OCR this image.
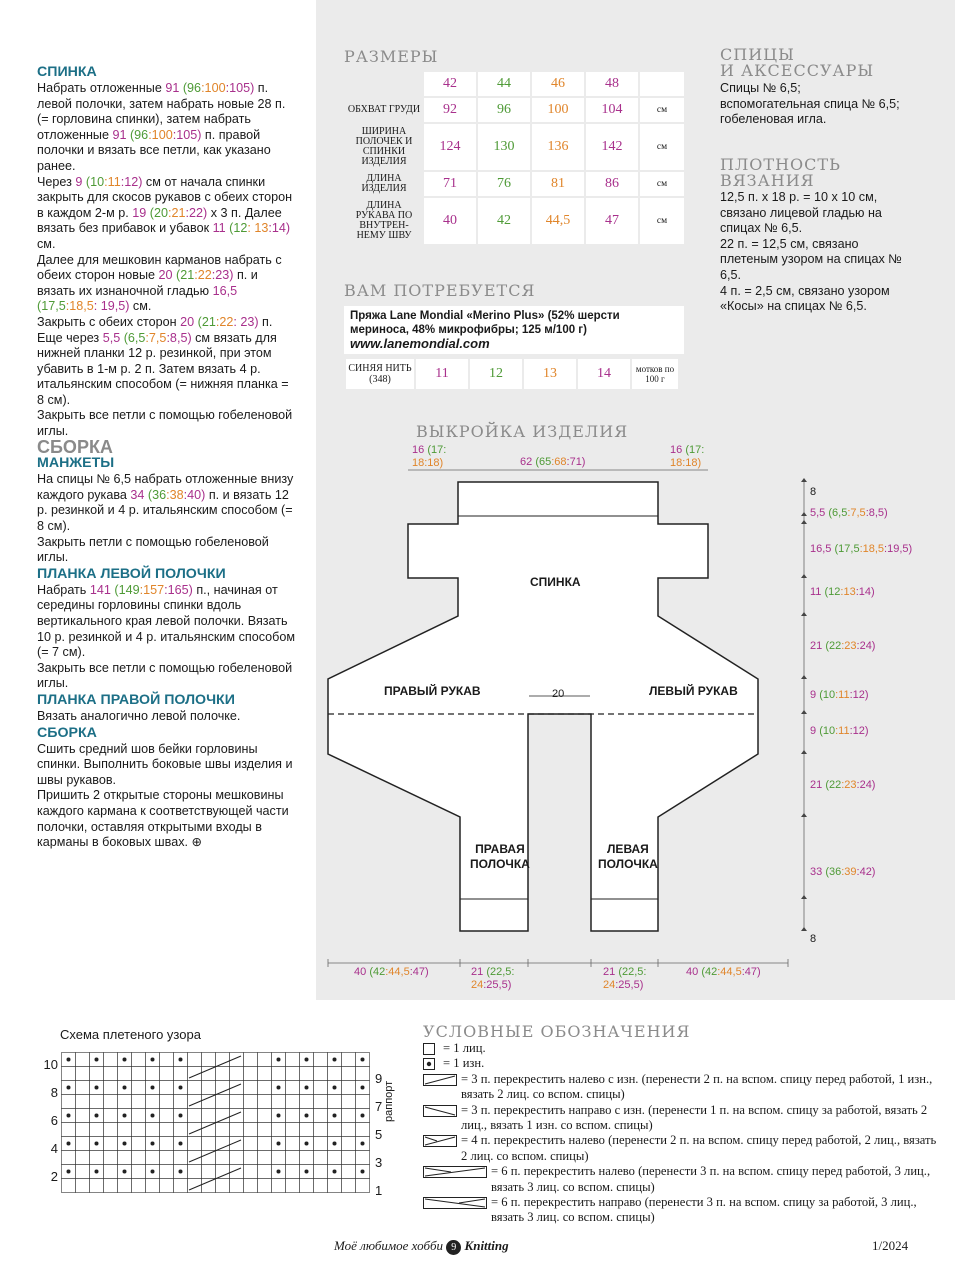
СПИНКА

Набрать отложенные 91 (96:100:105) п. левой полочки, затем набрать новые 28 п. (= горловина спинки), затем набрать отложенные 91 (96:100:105) п. правой полочки и вязать все петли, как указано ранее.

Через 9 (10:11:12) см от начала спинки закрыть для скосов рукавов с обеих сторон в каждом 2-м р. 19 (20:21:22) x 3 п. Далее вязать без прибавок и убавок 11 (12: 13:14) см.

Далее для мешковин карманов набрать с обеих сторон новые 20 (21:22:23) п. и вязать их изнаночной гладью 16,5 (17,5:18,5: 19,5) см.

Закрыть с обеих сторон 20 (21:22: 23) п.

Еще через 5,5 (6,5:7,5:8,5) см вязать для нижней планки 12 р. резинкой, при этом убавить в 1-м р. 2 п. Затем вязать 4 р. итальянским способом (= нижняя планка = 8 см).

Закрыть все петли с помощью гобеленовой иглы.

СБОРКА

МАНЖЕТЫ

На спицы № 6,5 набрать отложенные внизу каждого рукава 34 (36:38:40) п. и вязать 12 р. резинкой и 4 р. итальянским способом (= 8 см).

Закрыть петли с помощью гобеленовой иглы.

ПЛАНКА ЛЕВОЙ ПОЛОЧКИ

Набрать 141 (149:157:165) п., начиная от середины горловины спинки вдоль вертикального края левой полочки. Вязать 10 р. резинкой и 4 р. итальянским способом (= 7 см).

Закрыть все петли с помощью гобеленовой иглы.

ПЛАНКА ПРАВОЙ ПОЛОЧКИ

Вязать аналогично левой полочке.

СБОРКА

Сшить средний шов бейки горловины спинки. Выполнить боковые швы изделия и швы рукавов.

Пришить 2 открытые стороны мешковины каждого кармана к соответствующей части полочки, оставляя открытыми входы в карманы в боковых швах. ⊕

РАЗМЕРЫ
	42	44	46	48	
ОБХВАТ ГРУДИ	92	96	100	104	см
ШИРИНА ПОЛОЧЕК И СПИНКИ ИЗДЕЛИЯ	124	130	136	142	см
ДЛИНА ИЗДЕЛИЯ	71	76	81	86	см
ДЛИНА РУКАВА ПО ВНУТРЕН-НЕМУ ШВУ	40	42	44,5	47	см
ВАМ ПОТРЕБУЕТСЯ
Пряжа Lane Mondial «Merino Plus» (52% шерсти мериноса, 48% микрофибры; 125 м/100 г)
www.lanemondial.com
СИНЯЯ НИТЬ (348)	11	12	13	14	мотков по 100 г
СПИЦЫ
И АКСЕССУАРЫ
Спицы № 6,5; вспомогательная спица № 6,5; гобеленовая игла.
ПЛОТНОСТЬ
ВЯЗАНИЯ
12,5 п. х 18 р. = 10 х 10 см, связано лицевой гладью на спицах № 6,5.
22 п. = 12,5 см, связано плетеным узором на спицах № 6,5.
4 п. = 2,5 см, связано узором «Косы» на спицах № 6,5.
ВЫКРОЙКА ИЗДЕЛИЯ
СПИНКА
ПРАВЫЙ РУКАВ	ЛЕВЫЙ РУКАВ
20
ПРАВАЯ
ПОЛОЧКА
ЛЕВАЯ
ПОЛОЧКА
16 (17:
18:18)	62 (65:68:71)
16 (17:
18:18)
8
5,5 (6,5:7,5:8,5)
16,5 (17,5:18,5:19,5)
11 (12:13:14)
21 (22:23:24)
9 (10:11:12)
9 (10:11:12)
21 (22:23:24)
33 (36:39:42)
8
40 (42:44,5:47)	21 (22,5:
24:25,5)
21 (22,5:
24:25,5)
40 (42:44,5:47)
Схема плетеного узора
10
8
6
4
2
9
7
5
3
1
раппорт
УСЛОВНЫЕ ОБОЗНАЧЕНИЯ
= 1 лиц.
= 1 изн.
= 3 п. перекрестить налево с изн. (перенести 2 п. на вспом. спицу перед работой, 1 изн., вязать 2 лиц. со вспом. спицы)
= 3 п. перекрестить направо с изн. (перенести 1 п. на вспом. спицу за работой, вязать 2 лиц., вязать 1 изн. со вспом. спицы)
= 4 п. перекрестить налево (перенести 2 п. на вспом. спицу перед работой, 2 лиц., вязать 2 лиц. со вспом. спицы)
= 6 п. перекрестить налево (перенести 3 п. на вспом. спицу перед работой, 3 лиц., вязать 3 лиц. со вспом. спицы)
= 6 п. перекрестить направо (перенести 3 п. на вспом. спицу за работой, 3 лиц., вязать 3 лиц. со вспом. спицы)
Моё любимое хобби 9 Knitting	1/2024
